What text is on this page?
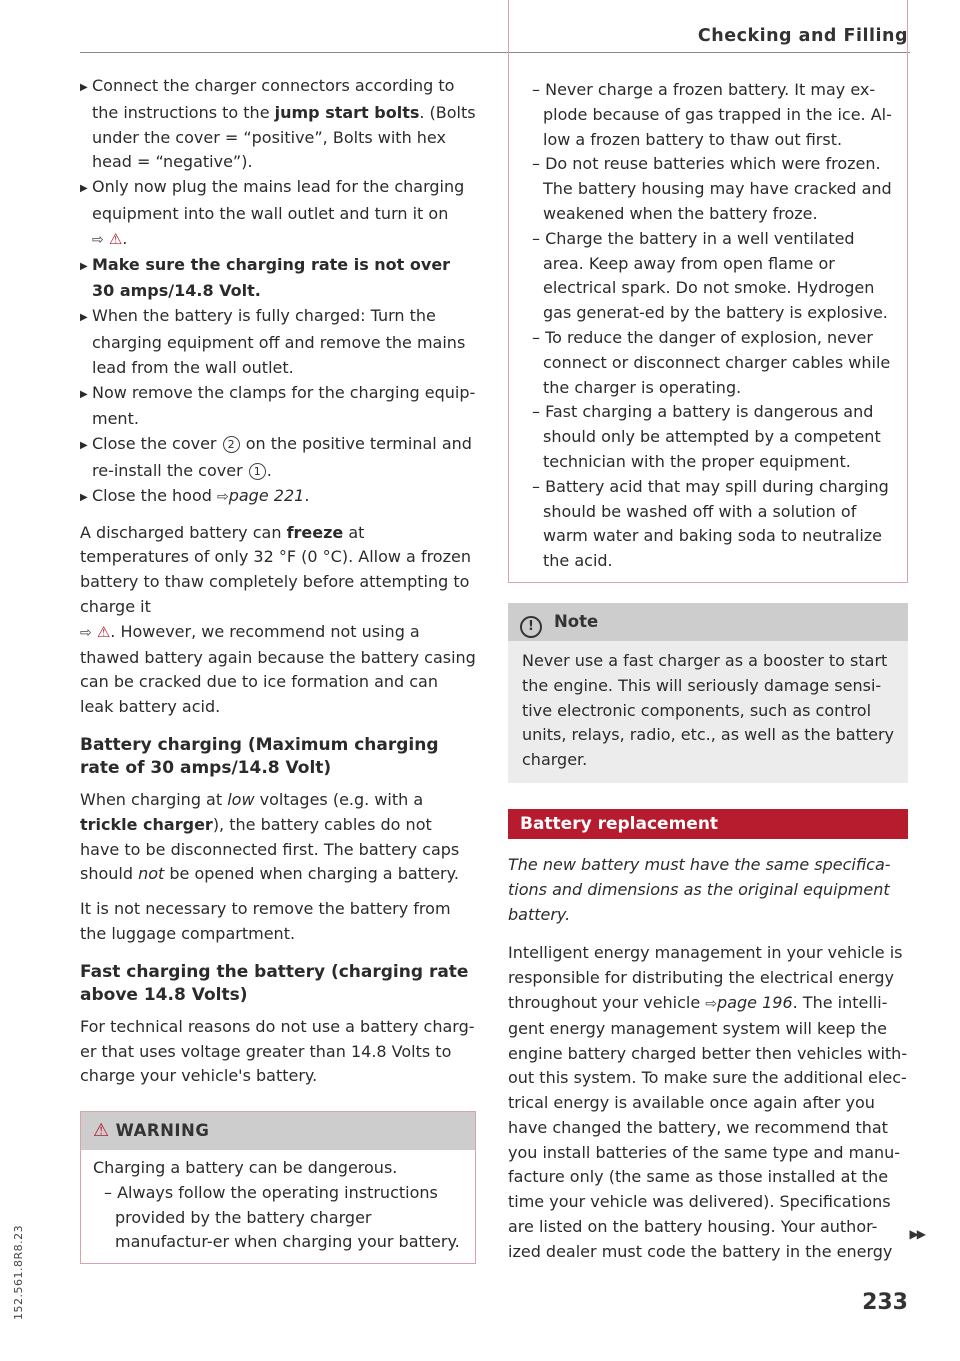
Checking and Filling

▶ Connect the charger connectors according to the instructions to the jump start bolts. (Bolts under the cover = “positive”, Bolts with hex head = “negative”).

▶ Only now plug the mains lead for the charging equipment into the wall outlet and turn it on
⇨ ⚠.

▶ Make sure the charging rate is not over 30 amps/14.8 Volt.

▶ When the battery is fully charged: Turn the charging equipment off and remove the mains lead from the wall outlet.

▶ Now remove the clamps for the charging equip-ment.

▶ Close the cover 2 on the positive terminal and re-install the cover 1 .

▶ Close the hood ⇨page 221.

A discharged battery can freeze at temperatures of only 32 °F (0 °C). Allow a frozen battery to thaw completely before attempting to charge it
⇨ ⚠. However, we recommend not using a thawed battery again because the battery casing can be cracked due to ice formation and can leak battery acid.

Battery charging (Maximum charging rate of 30 amps/14.8 Volt)

When charging at low voltages (e.g. with a trickle charger), the battery cables do not have to be disconnected first. The battery caps should not be opened when charging a battery.

It is not necessary to remove the battery from the luggage compartment.

Fast charging the battery (charging rate above 14.8 Volts)

For technical reasons do not use a battery charg-er that uses voltage greater than 14.8 Volts to charge your vehicle's battery.

⚠ WARNING

Charging a battery can be dangerous.

– Always follow the operating instructions provided by the battery charger manufactur-er when charging your battery.

– Never charge a frozen battery. It may ex-plode because of gas trapped in the ice. Al-low a frozen battery to thaw out first.

– Do not reuse batteries which were frozen. The battery housing may have cracked and weakened when the battery froze.

– Charge the battery in a well ventilated area. Keep away from open flame or electrical spark. Do not smoke. Hydrogen gas generat-ed by the battery is explosive.

– To reduce the danger of explosion, never connect or disconnect charger cables while the charger is operating.

– Fast charging a battery is dangerous and should only be attempted by a competent technician with the proper equipment.

– Battery acid that may spill during charging should be washed off with a solution of warm water and baking soda to neutralize the acid.

! Note
Never use a fast charger as a booster to start the engine. This will seriously damage sensi-tive electronic components, such as control units, relays, radio, etc., as well as the battery charger.
Battery replacement

The new battery must have the same specifica-tions and dimensions as the original equipment battery.

Intelligent energy management in your vehicle is responsible for distributing the electrical energy throughout your vehicle ⇨page 196. The intelli-gent energy management system will keep the engine battery charged better then vehicles with-out this system. To make sure the additional elec-trical energy is available once again after you have changed the battery, we recommend that you install batteries of the same type and manu-facture only (the same as those installed at the time your vehicle was delivered). Specifications are listed on the battery housing. Your author-ized dealer must code the battery in the energy

▶▶
233
152.561.8R8.23
